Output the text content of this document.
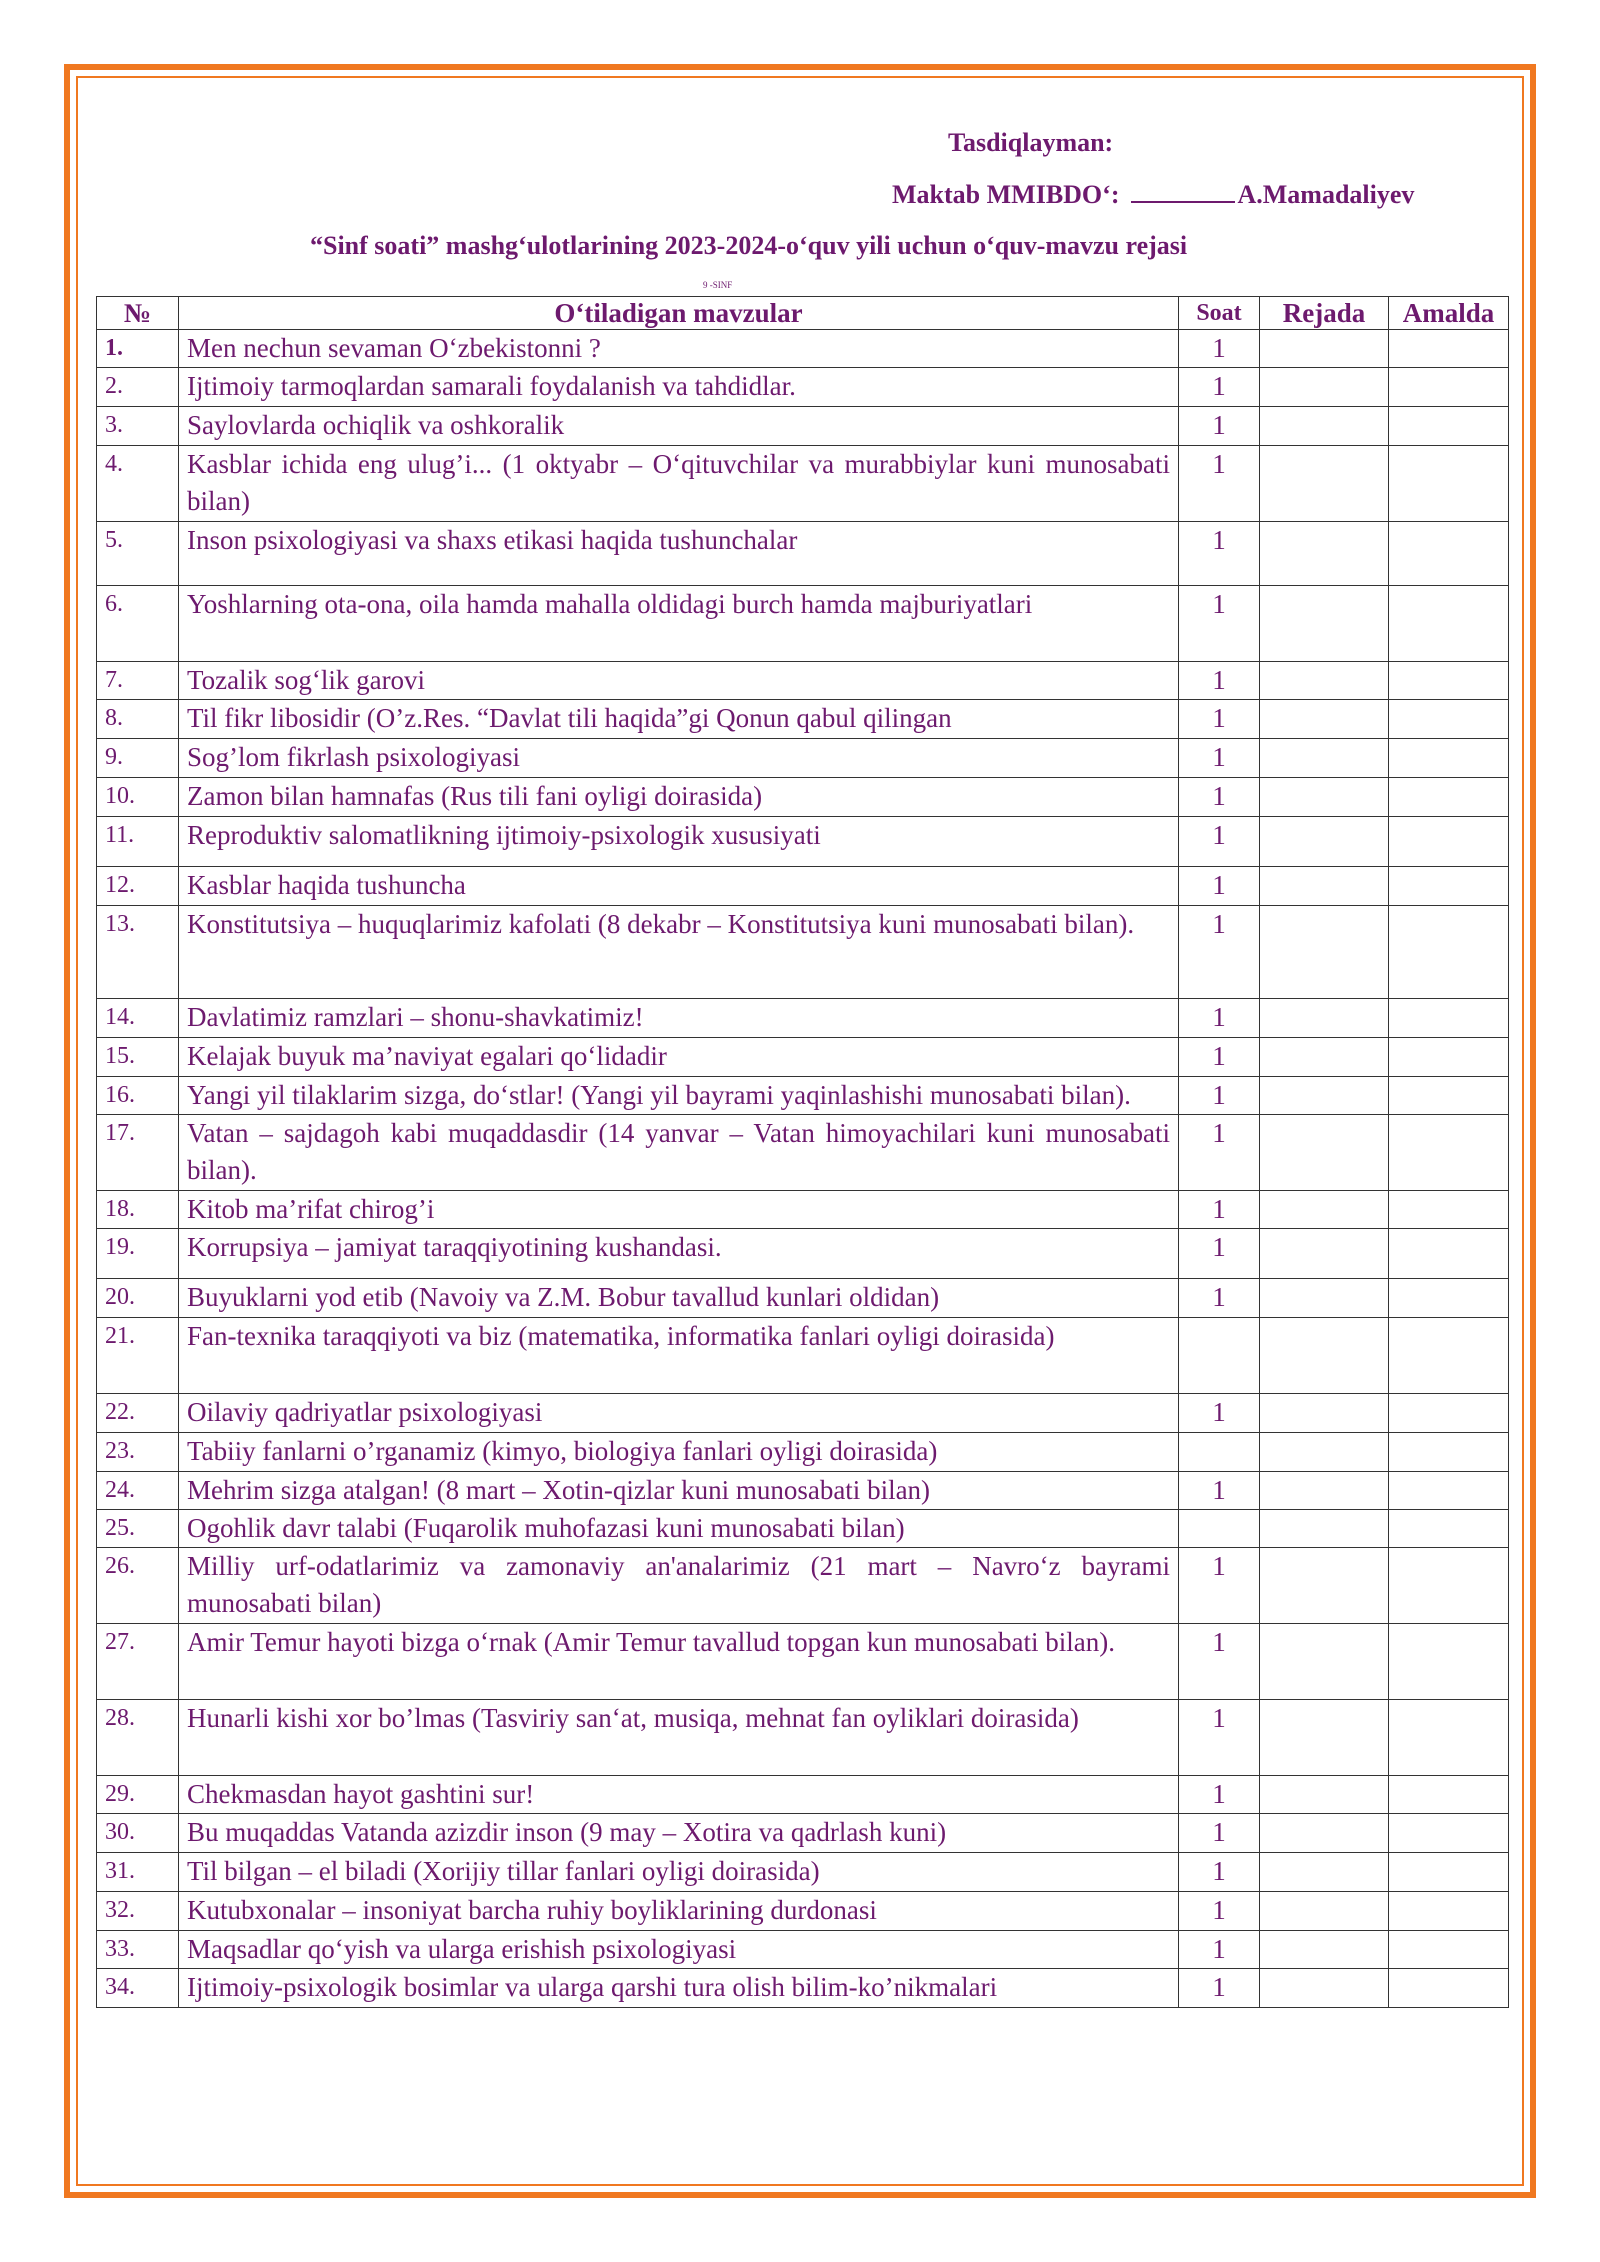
Tasdiqlayman:
Maktab MMIBDO‘:	A.Mamadaliyev
“Sinf soati” mashg‘ulotlarining 2023-2024-o‘quv yili uchun o‘quv-mavzu rejasi
9 -SINF
№	O‘tiladigan mavzular	Soat	Rejada	Amalda
1.	Men nechun sevaman O‘zbekistonni ?	1		
2.	Ijtimoiy tarmoqlardan samarali foydalanish va tahdidlar.	1		
3.	Saylovlarda ochiqlik va oshkoralik	1		
4.	Kasblar ichida eng ulug’i... (1 oktyabr – O‘qituvchilar va murabbiylar kuni munosabati bilan)	1		
5.	Inson psixologiyasi va shaxs etikasi haqida tushunchalar	1		
6.	Yoshlarning ota-ona, oila hamda mahalla oldidagi burch hamda majburiyatlari	1		
7.	Tozalik sog‘lik garovi	1		
8.	Til fikr libosidir (O’z.Res. “Davlat tili haqida”gi Qonun qabul qilingan	1		
9.	Sog’lom fikrlash psixologiyasi	1		
10.	Zamon bilan hamnafas (Rus tili fani oyligi doirasida)	1		
11.	Reproduktiv salomatlikning ijtimoiy-psixologik xususiyati	1		
12.	Kasblar haqida tushuncha	1		
13.	Konstitutsiya – huquqlarimiz kafolati (8 dekabr – Konstitutsiya kuni munosabati bilan).	1		
14.	Davlatimiz ramzlari – shonu-shavkatimiz!	1		
15.	Kelajak buyuk ma’naviyat egalari qo‘lidadir	1		
16.	Yangi yil tilaklarim sizga, do‘stlar! (Yangi yil bayrami yaqinlashishi munosabati bilan).	1		
17.	Vatan – sajdagoh kabi muqaddasdir (14 yanvar – Vatan himoyachilari kuni munosabati bilan).	1		
18.	Kitob ma’rifat chirog’i	1		
19.	Korrupsiya – jamiyat taraqqiyotining kushandasi.	1		
20.	Buyuklarni yod etib (Navoiy va Z.M. Bobur tavallud kunlari oldidan)	1		
21.	Fan-texnika taraqqiyoti va biz (matematika, informatika fanlari oyligi doirasida)			
22.	Oilaviy qadriyatlar psixologiyasi	1		
23.	Tabiiy fanlarni o’rganamiz (kimyo, biologiya fanlari oyligi doirasida)			
24.	Mehrim sizga atalgan! (8 mart – Xotin-qizlar kuni munosabati bilan)	1		
25.	Ogohlik davr talabi (Fuqarolik muhofazasi kuni munosabati bilan)			
26.	Milliy urf-odatlarimiz va zamonaviy an'analarimiz (21 mart – Navro‘z bayrami munosabati bilan)	1		
27.	Amir Temur hayoti bizga o‘rnak (Amir Temur tavallud topgan kun munosabati bilan).	1		
28.	Hunarli kishi xor bo’lmas (Tasviriy san‘at, musiqa, mehnat fan oyliklari doirasida)	1		
29.	Chekmasdan hayot gashtini sur!	1		
30.	Bu muqaddas Vatanda azizdir inson (9 may – Xotira va qadrlash kuni)	1		
31.	Til bilgan – el biladi (Xorijiy tillar fanlari oyligi doirasida)	1		
32.	Kutubxonalar – insoniyat barcha ruhiy boyliklarining durdonasi	1		
33.	Maqsadlar qo‘yish va ularga erishish psixologiyasi	1		
34.	Ijtimoiy-psixologik bosimlar va ularga qarshi tura olish bilim-ko’nikmalari	1		
